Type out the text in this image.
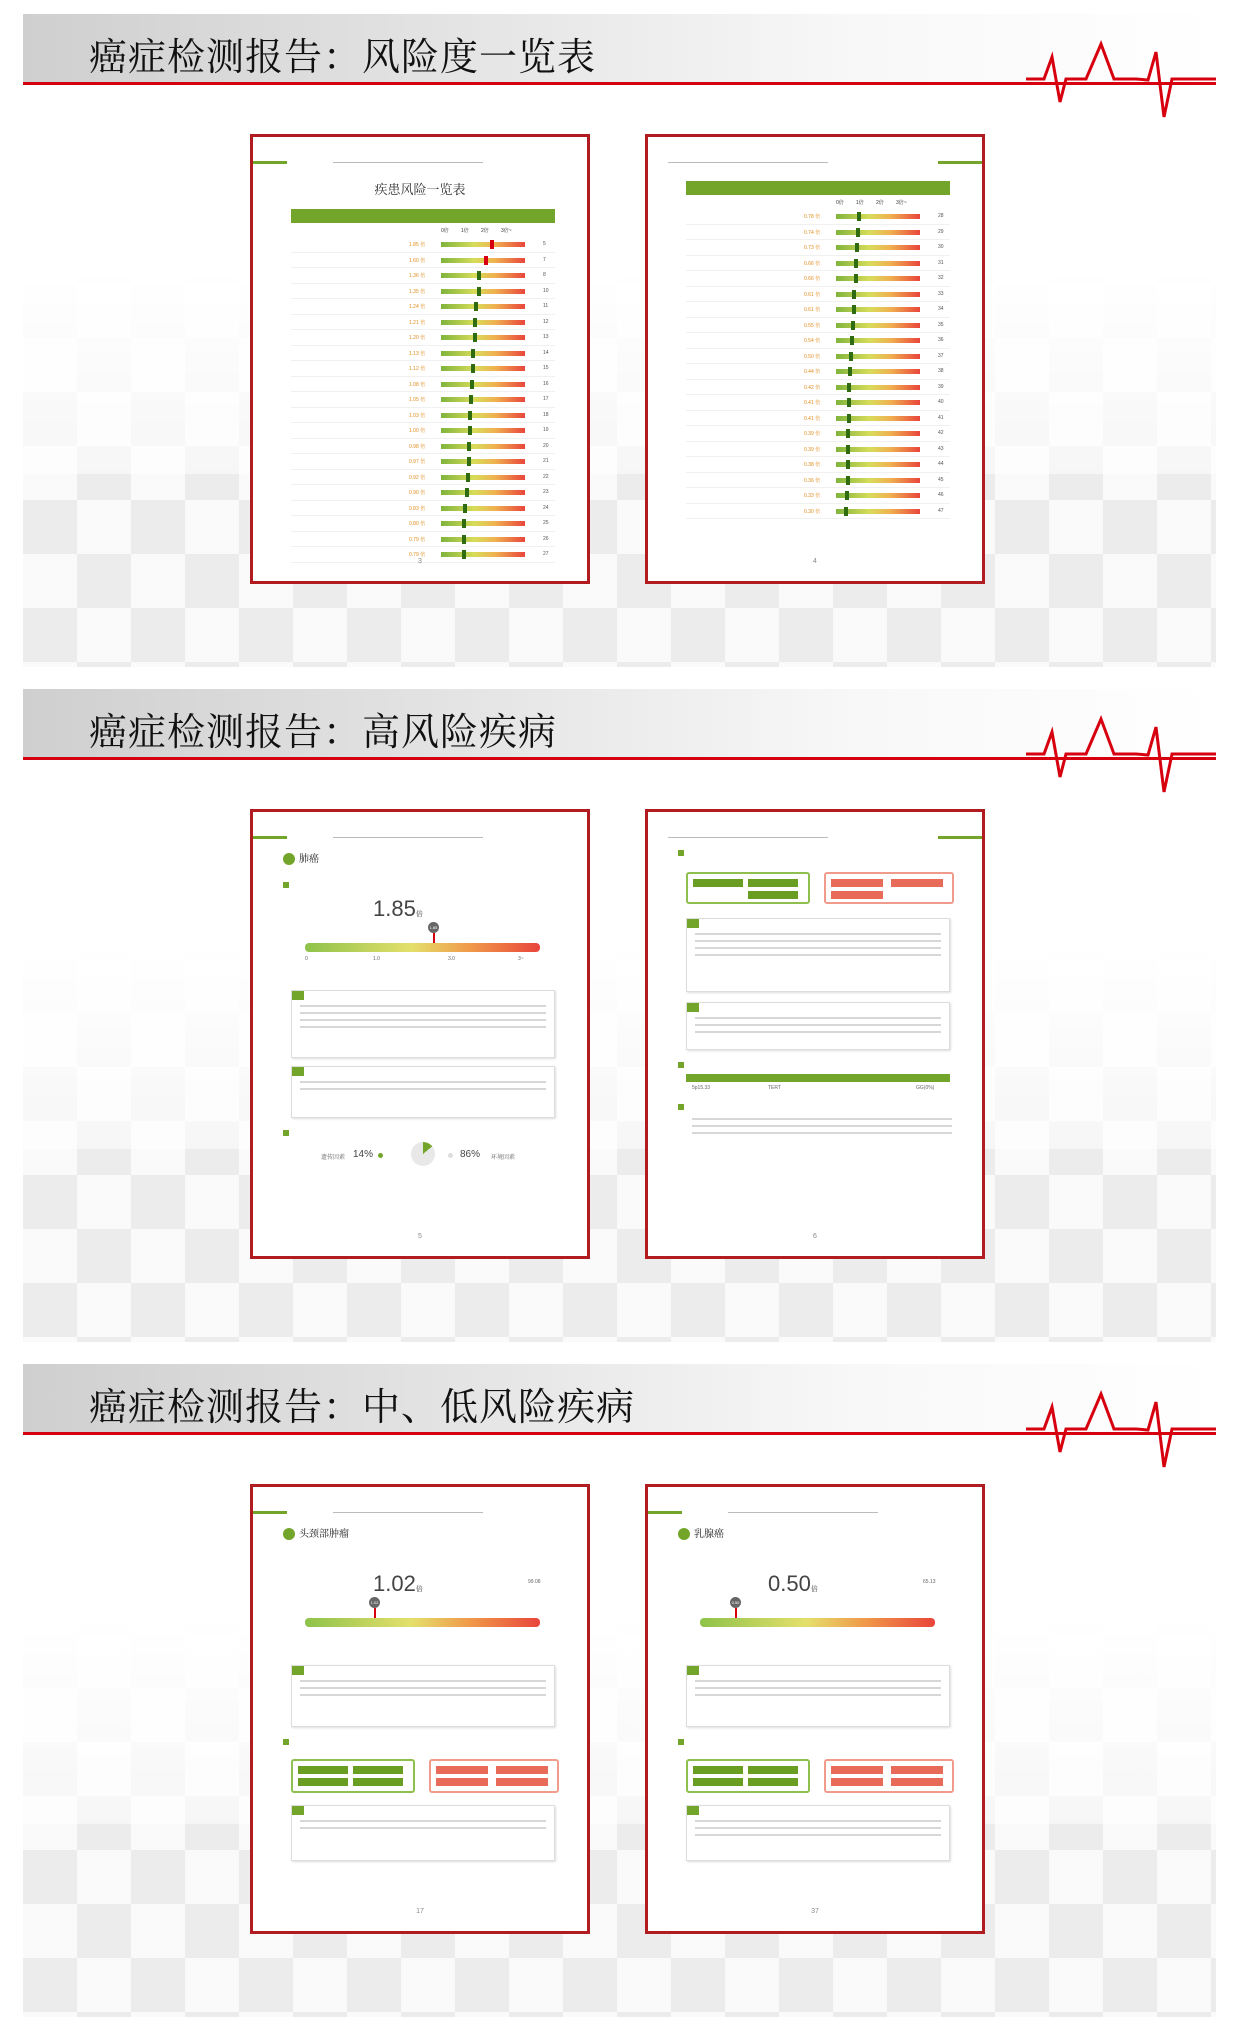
癌症检测报告：风险度一览表
疾患风险一览表
0倍 1倍 2倍 3倍~
1.85 倍	5
1.60 倍	7
1.36 倍	8
1.35 倍	10
1.24 倍	11
1.21 倍	12
1.20 倍	13
1.13 倍	14
1.12 倍	15
1.08 倍	16
1.05 倍	17
1.03 倍	18
1.00 倍	19
0.98 倍	20
0.97 倍	21
0.92 倍	22
0.90 倍	23
0.83 倍	24
0.80 倍	25
0.79 倍	26
0.79 倍	27
3
0倍 1倍 2倍 3倍~
0.78 倍	28
0.74 倍	29
0.73 倍	30
0.66 倍	31
0.66 倍	32
0.61 倍	33
0.61 倍	34
0.55 倍	35
0.54 倍	36
0.50 倍	37
0.44 倍	38
0.42 倍	39
0.41 倍	40
0.41 倍	41
0.39 倍	42
0.39 倍	43
0.38 倍	44
0.36 倍	45
0.33 倍	46
0.30 倍	47
4
癌症检测报告：高风险疾病
肺癌
1.85倍
1.85
0	1.0	3.0	3~
遗传因素 14%	86% 环境因素
5
5p15.33	TERT	GG(0%)
6
癌症检测报告：中、低风险疾病
头颈部肿瘤
1.02倍
99.08
1.02
17
乳腺癌
0.50倍
65.13
0.50
37
